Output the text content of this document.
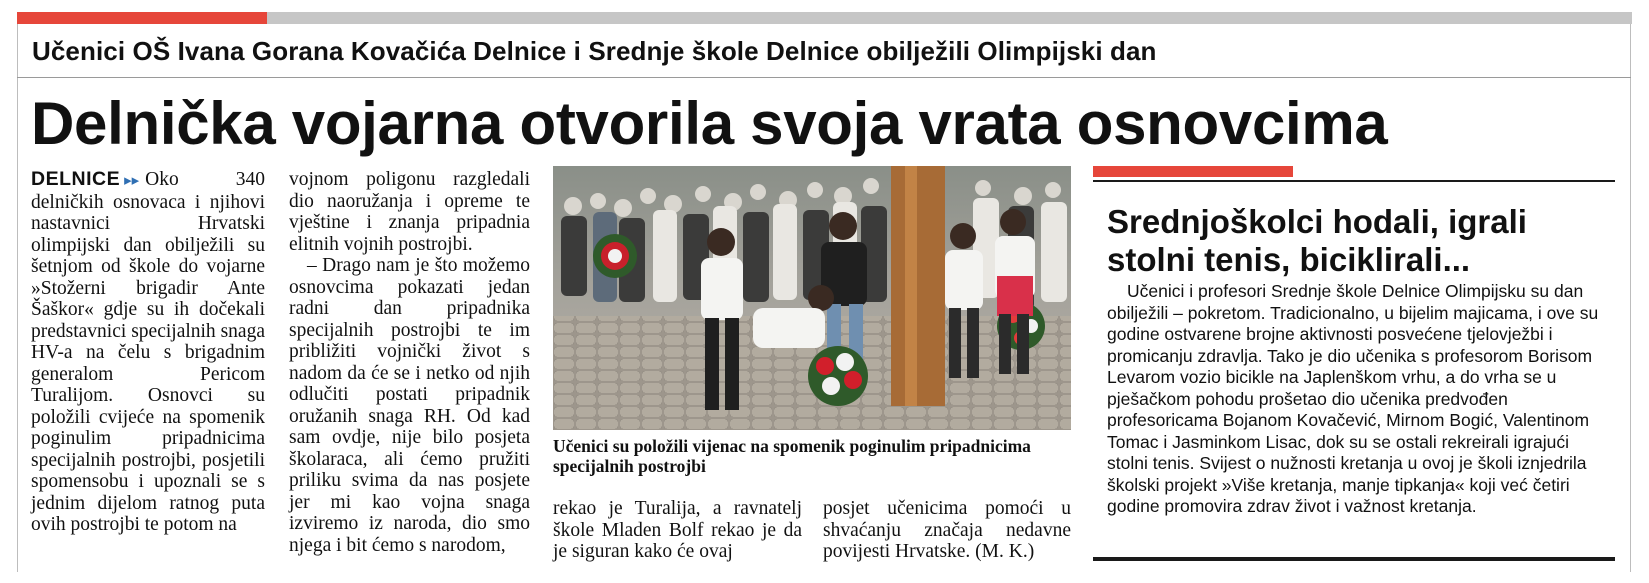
Učenici OŠ Ivana Gorana Kovačića Delnice i Srednje škole Delnice obilježili Olimpijski dan
Delnička vojarna otvorila svoja vrata osnovcima

DELNICE ▸▸ Oko 340 delničkih osnovaca i njihovi nastavnici Hrvatski olimpijski dan obilježili su šetnjom od škole do vojarne »Stožerni brigadir Ante Šaškor« gdje su ih dočekali predstavnici specijalnih snaga HV-a na čelu s brigadnim generalom Pericom Turalijom. Osnovci su položili cvijeće na spomenik poginulim pripadnicima specijalnih postrojbi, posjetili spomensobu i upoznali se s jednim dijelom ratnog puta ovih postrojbi te potom na

vojnom poligonu razgledali dio naoružanja i opreme te vještine i znanja pripadnia elitnih vojnih postrojbi.

– Drago nam je što možemo osnovcima pokazati jedan radni dan pripadnika specijalnih postrojbi te im približiti vojnički život s nadom da će se i netko od njih odlučiti postati pripadnik oružanih snaga RH. Od kad sam ovdje, nije bilo posjeta školaraca, ali ćemo pružiti priliku svima da nas posjete jer mi kao vojna snaga izviremo iz naroda, dio smo njega i bit ćemo s narodom,

Učenici su položili vijenac na spomenik poginulim pripadnicima specijalnih postrojbi

rekao je Turalija, a ravnatelj škole Mladen Bolf rekao je da je siguran kako će ovaj

posjet učenicima pomoći u shvaćanju značaja nedavne povijesti Hrvatske. (M. K.)

Srednjoškolci hodali, igrali stolni tenis, biciklirali...

Učenici i profesori Srednje škole Delnice Olimpijsku su dan obilježili – pokretom. Tradicionalno, u bijelim majicama, i ove su godine ostvarene brojne aktivnosti posvećene tjelovježbi i promicanju zdravlja. Tako je dio učenika s profesorom Borisom Levarom vozio bicikle na Japlenškom vrhu, a do vrha se u pješačkom pohodu prošetao dio učenika predvođen profesoricama Bojanom Kovačević, Mirnom Bogić, Valentinom Tomac i Jasminkom Lisac, dok su se ostali rekreirali igrajući stolni tenis. Svijest o nužnosti kretanja u ovoj je školi iznjedrila školski projekt »Više kretanja, manje tipkanja« koji već četiri godine promovira zdrav život i važnost kretanja.
